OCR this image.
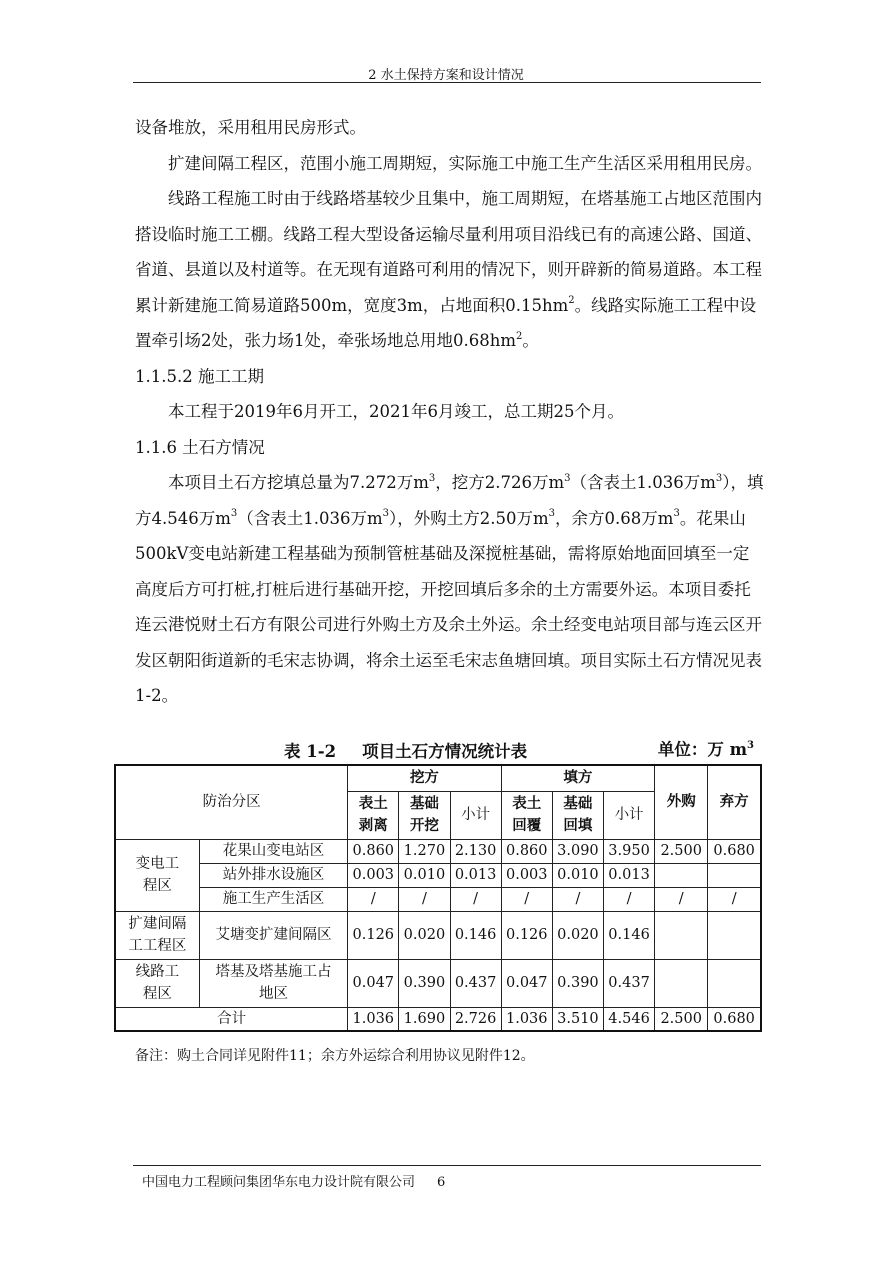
2 水土保持方案和设计情况

设备堆放，采用租用民房形式。

扩建间隔工程区，范围小施工周期短，实际施工中施工生产生活区采用租用民房。

线路工程施工时由于线路塔基较少且集中，施工周期短，在塔基施工占地区范围内搭设临时施工工棚。线路工程大型设备运输尽量利用项目沿线已有的高速公路、国道、省道、县道以及村道等。在无现有道路可利用的情况下，则开辟新的简易道路。本工程累计新建施工简易道路500m，宽度3m，占地面积$0.15hm^2$。线路实际施工工程中设置牵引场2处，张力场1处，牵张场地总用地$0.68hm^2$。

1.1.5.2 施工工期

本工程于2019年6月开工，2021年6月竣工，总工期25个月。

1.1.6 土石方情况

本项目土石方挖填总量为7.272万$m^3$，挖方2.726万$m^3$（含表土1.036万$m^3$），填方4.546万$m^3$（含表土1.036万$m^3$），外购土方2.50万$m^3$，余方0.68万$m^3$。花果山500kV变电站新建工程基础为预制管桩基础及深搅桩基础，需将原始地面回填至一定高度后方可打桩,打桩后进行基础开挖，开挖回填后多余的土方需要外运。本项目委托连云港悦财土石方有限公司进行外购土方及余土外运。余土经变电站项目部与连云区开发区朝阳街道新的毛宋志协调，将余土运至毛宋志鱼塘回填。项目实际土石方情况见表1-2。

表 1-2 项目土石方情况统计表	单位：万 $m^3$
防治分区		挖方			填方			外购	弃方
		表土剥离	基础开挖	小计	表土回覆	基础回填	小计		
变电工程区	花果山变电站区	0.860	1.270	2.130	0.860	3.090	3.950	2.500	0.680
	站外排水设施区	0.003	0.010	0.013	0.003	0.010	0.013		
	施工生产生活区	/	/	/	/	/	/	/	/
扩建间隔工工程区	艾塘变扩建间隔区	0.126	0.020	0.146	0.126	0.020	0.146		
线路工程区	塔基及塔基施工占地区	0.047	0.390	0.437	0.047	0.390	0.437		
合计		1.036	1.690	2.726	1.036	3.510	4.546	2.500	0.680
备注：购土合同详见附件11；余方外运综合利用协议见附件12。
中国电力工程顾问集团华东电力设计院有限公司 6
